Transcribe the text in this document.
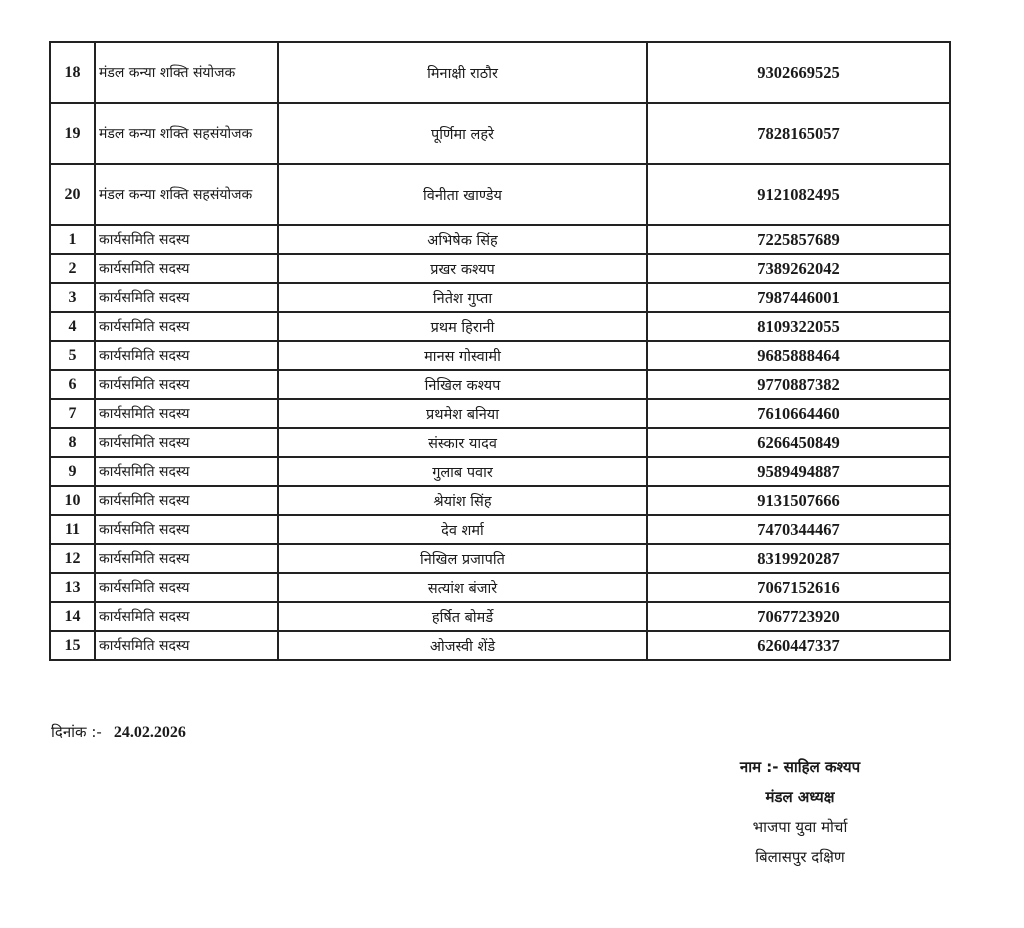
18	मंडल कन्या शक्ति संयोजक	मिनाक्षी राठौर	9302669525
19	मंडल कन्या शक्ति सहसंयोजक	पूर्णिमा लहरे	7828165057
20	मंडल कन्या शक्ति सहसंयोजक	विनीता खाण्डेय	9121082495
1	कार्यसमिति सदस्य	अभिषेक सिंह	7225857689
2	कार्यसमिति सदस्य	प्रखर कश्यप	7389262042
3	कार्यसमिति सदस्य	नितेश गुप्ता	7987446001
4	कार्यसमिति सदस्य	प्रथम हिरानी	8109322055
5	कार्यसमिति सदस्य	मानस गोस्वामी	9685888464
6	कार्यसमिति सदस्य	निखिल कश्यप	9770887382
7	कार्यसमिति सदस्य	प्रथमेश बनिया	7610664460
8	कार्यसमिति सदस्य	संस्कार यादव	6266450849
9	कार्यसमिति सदस्य	गुलाब पवार	9589494887
10	कार्यसमिति सदस्य	श्रेयांश सिंह	9131507666
11	कार्यसमिति सदस्य	देव शर्मा	7470344467
12	कार्यसमिति सदस्य	निखिल प्रजापति	8319920287
13	कार्यसमिति सदस्य	सत्यांश बंजारे	7067152616
14	कार्यसमिति सदस्य	हर्षित बोमर्डे	7067723920
15	कार्यसमिति सदस्य	ओजस्वी शेंडे	6260447337
दिनांक :- 24.02.2026
नाम :- साहिल कश्यप
मंडल अध्यक्ष
भाजपा युवा मोर्चा
बिलासपुर दक्षिण
